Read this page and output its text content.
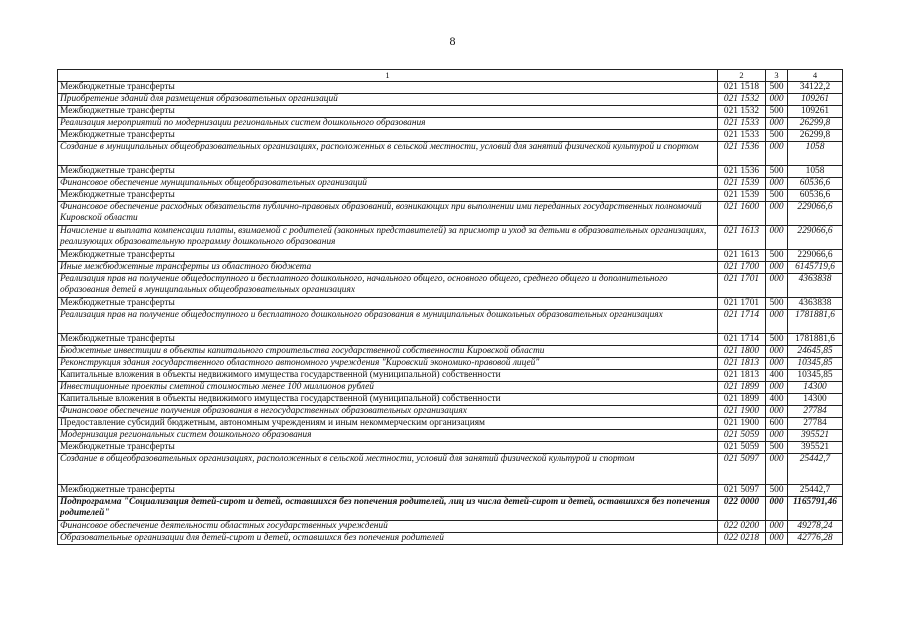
8
1	2	3	4
Межбюджетные трансферты	021 1518	500	34122,2
Приобретение зданий для размещения образовательных организаций	021 1532	000	109261
Межбюджетные трансферты	021 1532	500	109261
Реализация мероприятий по модернизации региональных систем дошкольного образования	021 1533	000	26299,8
Межбюджетные трансферты	021 1533	500	26299,8
Создание в муниципальных общеобразовательных организациях, расположенных в сельской местности, условий для занятий физической культурой и спортом	021 1536	000	1058
Межбюджетные трансферты	021 1536	500	1058
Финансовое обеспечение муниципальных общеобразовательных организаций	021 1539	000	60536,6
Межбюджетные трансферты	021 1539	500	60536,6
Финансовое обеспечение расходных обязательств публично-правовых образований, возникающих при выполнении ими переданных государственных полномочий Кировской области	021 1600	000	229066,6
Начисление и выплата компенсации платы, взимаемой с родителей (законных представителей) за присмотр и уход за детьми в образовательных организациях, реализующих образовательную программу дошкольного образования	021 1613	000	229066,6
Межбюджетные трансферты	021 1613	500	229066,6
Иные межбюджетные трансферты из областного бюджета	021 1700	000	6145719,6
Реализация прав на получение общедоступного и бесплатного дошкольного, начального общего, основного общего, среднего общего и дополнительного образования детей в муниципальных общеобразовательных организациях	021 1701	000	4363838
Межбюджетные трансферты	021 1701	500	4363838
Реализация прав на получение общедоступного и бесплатного дошкольного образования в муниципальных дошкольных образовательных организациях	021 1714	000	1781881,6
Межбюджетные трансферты	021 1714	500	1781881,6
Бюджетные инвестиции в объекты капитального строительства государственной собственности Кировской области	021 1800	000	24645,85
Реконструкция здания государственного областного автономного учреждения "Кировский экономико-правовой лицей"	021 1813	000	10345,85
Капитальные вложения в объекты недвижимого имущества государственной (муниципальной) собственности	021 1813	400	10345,85
Инвестиционные проекты сметной стоимостью менее 100 миллионов рублей	021 1899	000	14300
Капитальные вложения в объекты недвижимого имущества государственной (муниципальной) собственности	021 1899	400	14300
Финансовое обеспечение получения образования в негосударственных образовательных организациях	021 1900	000	27784
Предоставление субсидий бюджетным, автономным учреждениям и иным некоммерческим организациям	021 1900	600	27784
Модернизация региональных систем дошкольного образования	021 5059	000	395521
Межбюджетные трансферты	021 5059	500	395521
Создание в общеобразовательных организациях, расположенных в сельской местности, условий для занятий физической культурой и спортом	021 5097	000	25442,7
Межбюджетные трансферты	021 5097	500	25442,7
Подпрограмма "Социализация детей-сирот и детей, оставшихся без попечения родителей, лиц из числа детей-сирот и детей, оставшихся без попечения родителей"	022 0000	000	1165791,46
Финансовое обеспечение деятельности областных государственных учреждений	022 0200	000	49278,24
Образовательные организации для детей-сирот и детей, оставшихся без попечения родителей	022 0218	000	42776,28
